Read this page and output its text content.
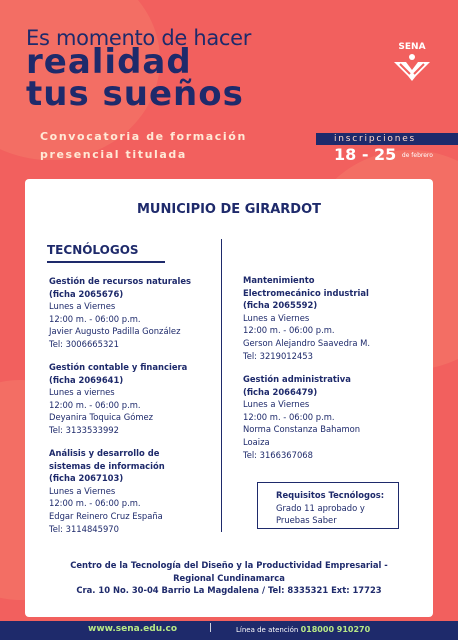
Es momento de hacer
realidad
tus sueños
Convocatoria de formación
presencial titulada
inscripciones
18 - 25 de febrero
SENA
MUNICIPIO DE GIRARDOT
TECNÓLOGOS
Gestión de recursos naturales
(ficha 2065676)
Lunes a Viernes
12:00 m. - 06:00 p.m.
Javier Augusto Padilla González
Tel: 3006665321
Gestión contable y financiera
(ficha 2069641)
Lunes a viernes
12:00 m. - 06:00 p.m.
Deyanira Toquica Gómez
Tel: 3133533992
Análisis y desarrollo de
sistemas de información
(ficha 2067103)
Lunes a Viernes
12:00 m. - 06:00 p.m.
Edgar Reinero Cruz España
Tel: 3114845970
Mantenimiento
Electromecánico industrial
(ficha 2065592)
Lunes a Viernes
12:00 m. - 06:00 p.m.
Gerson Alejandro Saavedra M.
Tel: 3219012453
Gestión administrativa
(ficha 2066479)
Lunes a Viernes
12:00 m. - 06:00 p.m.
Norma Constanza Bahamon
Loaiza
Tel: 3166367068
Requisitos Tecnólogos:
Grado 11 aprobado y
Pruebas Saber
Centro de la Tecnología del Diseño y la Productividad Empresarial -
Regional Cundinamarca
Cra. 10 No. 30-04 Barrio La Magdalena / Tel: 8335321 Ext: 17723
www.sena.edu.co	|	Línea de atención 018000 910270
